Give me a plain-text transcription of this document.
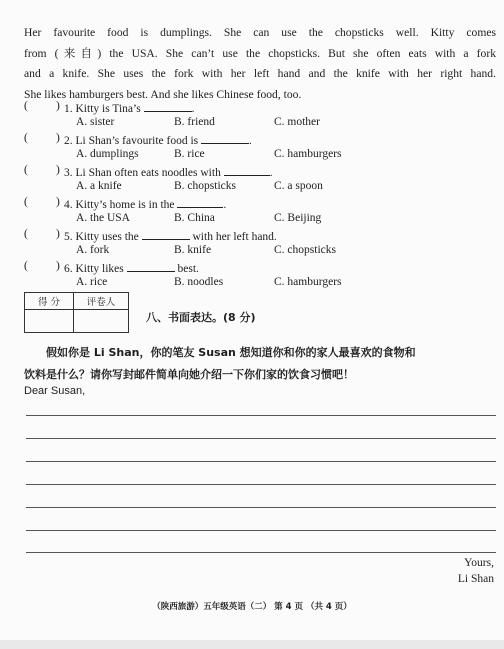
Her favourite food is dumplings. She can use the chopsticks well. Kitty comes
from (来自) the USA. She can’t use the chopsticks. But she often eats with a fork
and a knife. She uses the fork with her left hand and the knife with her right hand.
She likes hamburgers best. And she likes Chinese food, too.
( ) 1. Kitty is Tina’s	.
A. sister	B. friend	C. mother
( ) 2. Li Shan’s favourite food is	.
A. dumplings	B. rice	C. hamburgers
( ) 3. Li Shan often eats noodles with	.
A. a knife	B. chopsticks	C. a spoon
( ) 4. Kitty’s home is in the	.
A. the USA	B. China	C. Beijing
( ) 5. Kitty uses the	with her left hand.
A. fork	B. knife	C. chopsticks
( ) 6. Kitty likes	best.
A. rice	B. noodles	C. hamburgers
得 分	评卷人

八、书面表达。(8 分)
假如你是 Li Shan，你的笔友 Susan 想知道你和你的家人最喜欢的食物和
饮料是什么？请你写封邮件简单向她介绍一下你们家的饮食习惯吧！
Dear Susan,
Yours,
Li Shan
（陕西旅游）五年级英语（二） 第 4 页 （共 4 页）
